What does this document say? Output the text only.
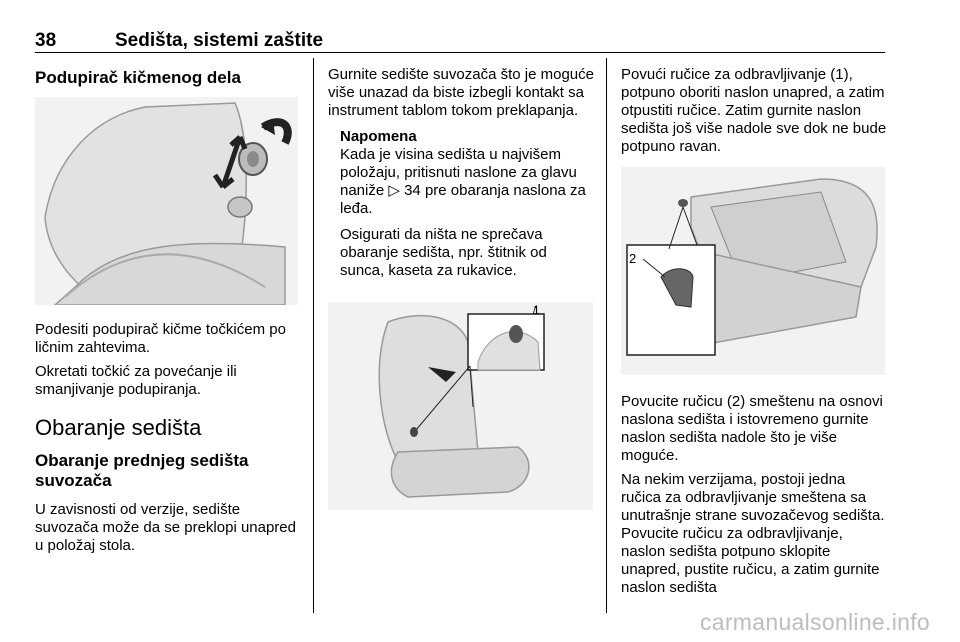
38	Sedišta, sistemi zaštite

Podupirač kičmenog dela

Podesiti podupirač kičme točkićem po ličnim zahtevima.

Okretati točkić za povećanje ili smanjivanje podupiranja.

Obaranje sedišta

Obaranje prednjeg sedišta suvozača

U zavisnosti od verzije, sedište suvozača može da se preklopi unapred u položaj stola.

Gurnite sedište suvozača što je moguće više unazad da biste izbegli kontakt sa instrument tablom tokom preklapanja.

Napomena

Kada je visina sedišta u najvišem položaju, pritisnuti naslone za glavu naniže ▷ 34 pre obaranja naslona za leđa.

Osigurati da ništa ne sprečava obaranje sedišta, npr. štitnik od sunca, kaseta za rukavice.

1

Povući ručice za odbravljivanje (1), potpuno oboriti naslon unapred, a zatim otpustiti ručice. Zatim gurnite naslon sedišta još više nadole sve dok ne bude potpuno ravan.

2

Povucite ručicu (2) smeštenu na osnovi naslona sedišta i istovremeno gurnite naslon sedišta nadole što je više moguće.

Na nekim verzijama, postoji jedna ručica za odbravljivanje smeštena sa unutrašnje strane suvozačevog sedišta. Povucite ručicu za odbravljivanje, naslon sedišta potpuno sklopite unapred, pustite ručicu, a zatim gurnite naslon sedišta

carmanualsonline.info
